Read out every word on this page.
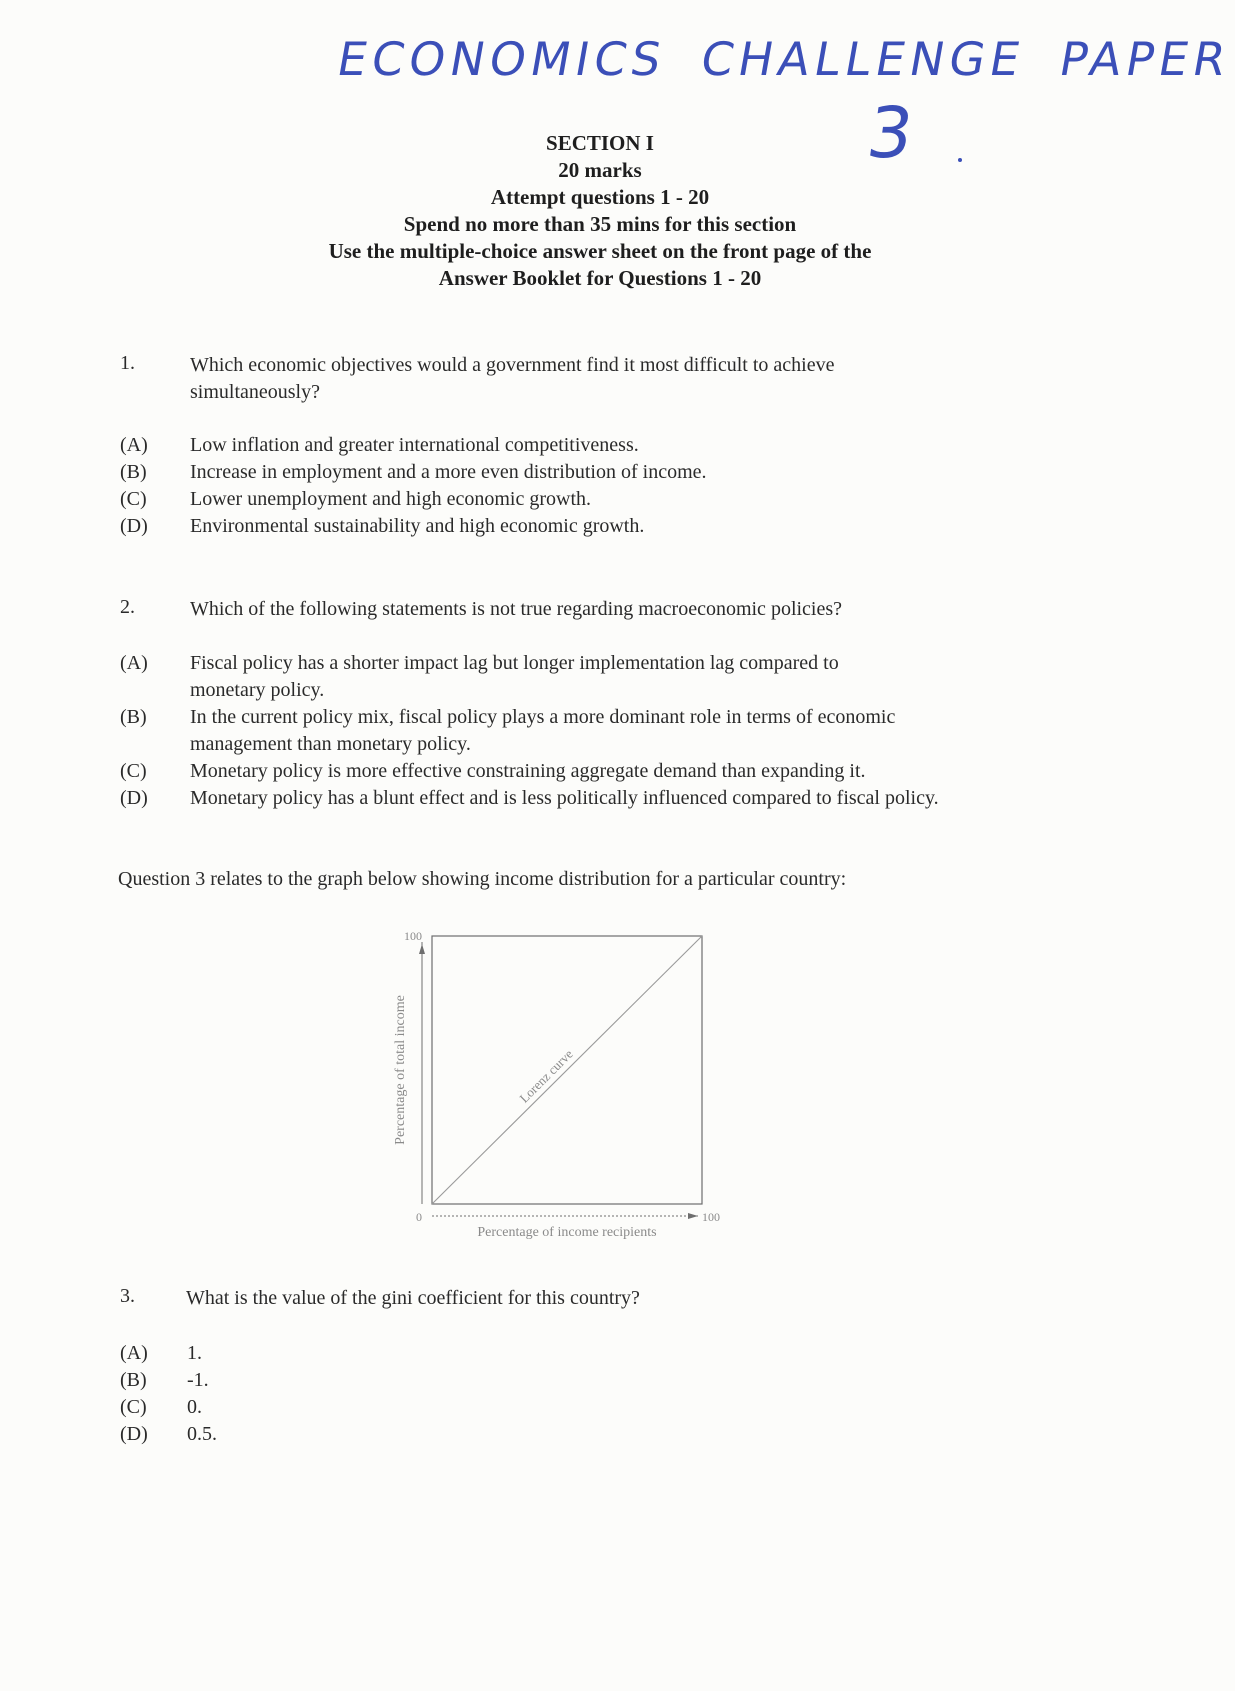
ECONOMICS CHALLENGE PAPER
3
SECTION I
20 marks
Attempt questions 1 - 20
Spend no more than 35 mins for this section
Use the multiple-choice answer sheet on the front page of the
Answer Booklet for Questions 1 - 20
1.	Which economic objectives would a government find it most difficult to achieve
simultaneously?
(A)	Low inflation and greater international competitiveness.
(B)	Increase in employment and a more even distribution of income.
(C)	Lower unemployment and high economic growth.
(D)	Environmental sustainability and high economic growth.
2.	Which of the following statements is not true regarding macroeconomic policies?
(A)	Fiscal policy has a shorter impact lag but longer implementation lag compared to
monetary policy.
(B)	In the current policy mix, fiscal policy plays a more dominant role in terms of economic
management than monetary policy.
(C)	Monetary policy is more effective constraining aggregate demand than expanding it.
(D)	Monetary policy has a blunt effect and is less politically influenced compared to fiscal policy.
Question 3 relates to the graph below showing income distribution for a particular country:
Lorenz curve
100
0	100
Percentage of income recipients
Percentage of total income
3.	What is the value of the gini coefficient for this country?
(A)	1.
(B)	-1.
(C)	0.
(D)	0.5.
